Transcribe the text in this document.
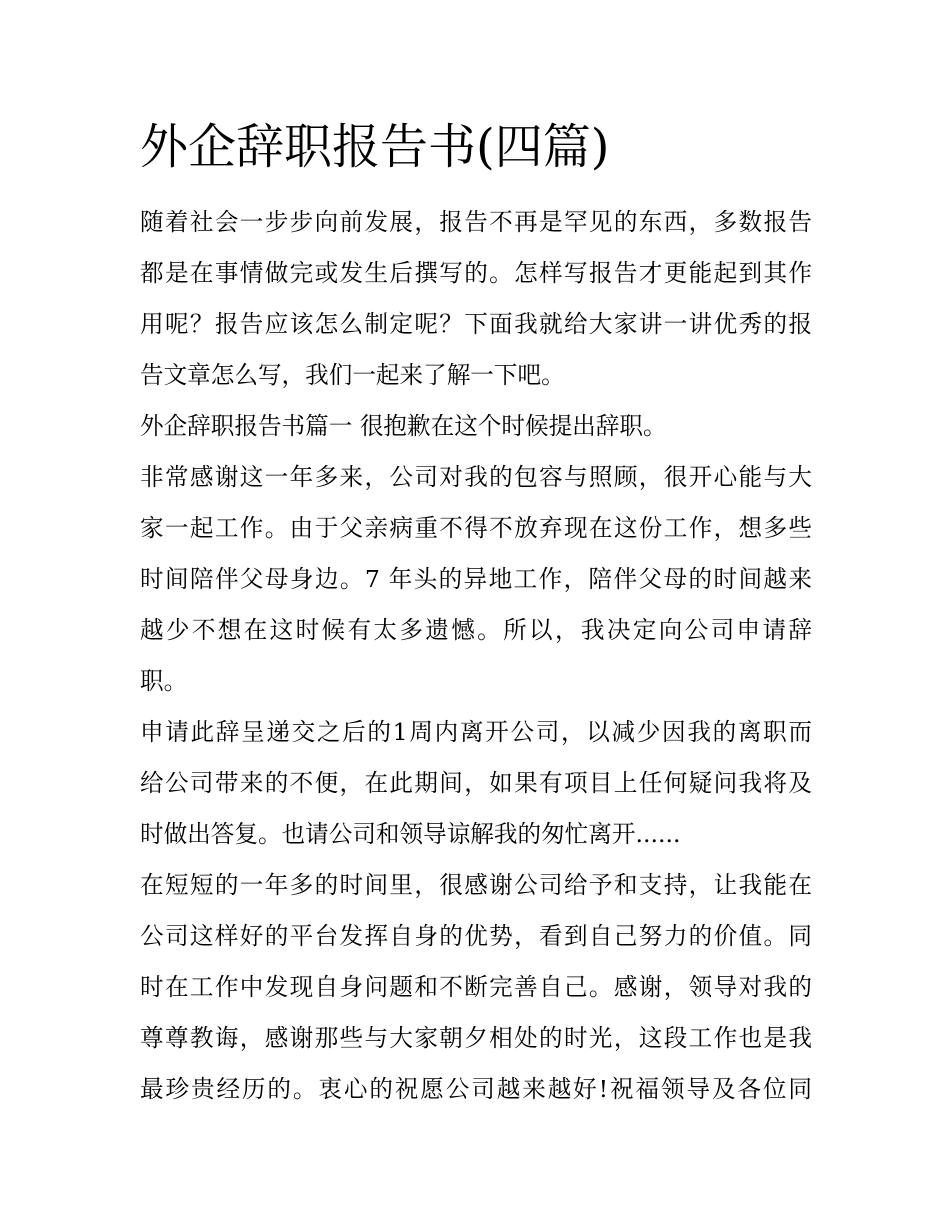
外企辞职报告书(四篇)
随着社会一步步向前发展，报告不再是罕见的东西，多数报告
都是在事情做完或发生后撰写的。怎样写报告才更能起到其作
用呢？报告应该怎么制定呢？下面我就给大家讲一讲优秀的报
告文章怎么写，我们一起来了解一下吧。
外企辞职报告书篇一 很抱歉在这个时候提出辞职。
非常感谢这一年多来，公司对我的包容与照顾，很开心能与大
家一起工作。由于父亲病重不得不放弃现在这份工作，想多些
时间陪伴父母身边。7 年头的异地工作，陪伴父母的时间越来
越少不想在这时候有太多遗憾。所以，我决定向公司申请辞
职。
申请此辞呈递交之后的1周内离开公司，以减少因我的离职而
给公司带来的不便，在此期间，如果有项目上任何疑问我将及
时做出答复。也请公司和领导谅解我的匆忙离开......
在短短的一年多的时间里，很感谢公司给予和支持，让我能在
公司这样好的平台发挥自身的优势，看到自己努力的价值。同
时在工作中发现自身问题和不断完善自己。感谢，领导对我的
尊尊教诲，感谢那些与大家朝夕相处的时光，这段工作也是我
最珍贵经历的。衷心的祝愿公司越来越好!祝福领导及各位同
